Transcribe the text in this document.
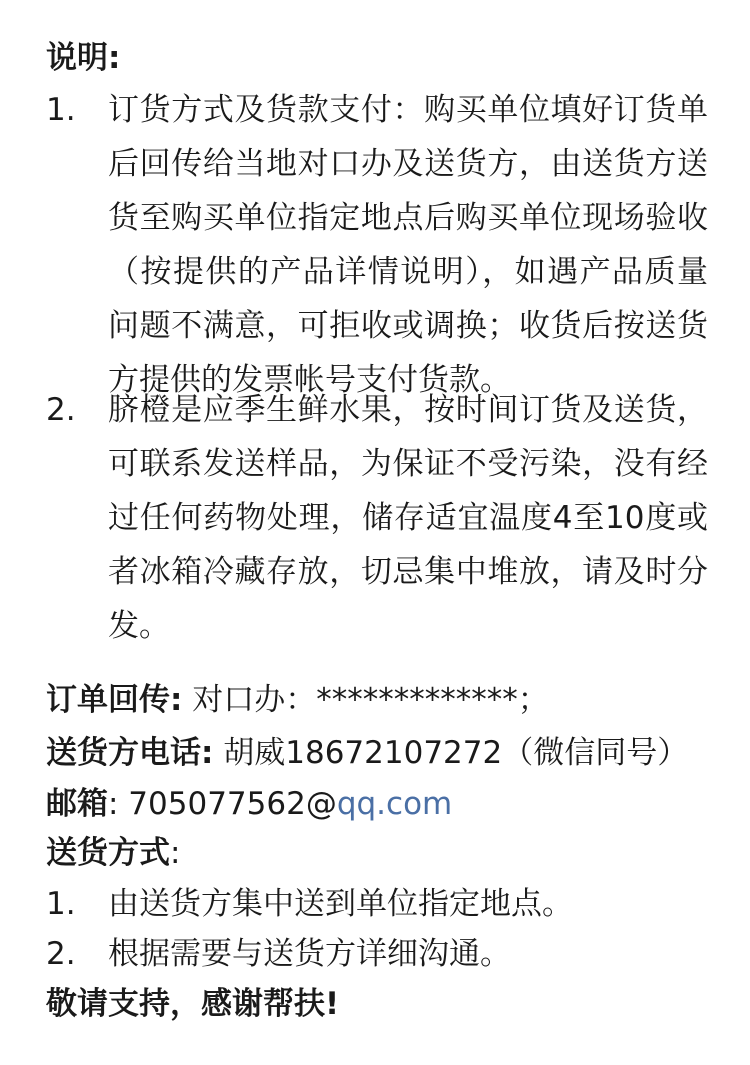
说明:
1. 订货方式及货款支付：购买单位填好订货单后回传给当地对口办及送货方，由送货方送货至购买单位指定地点后购买单位现场验收（按提供的产品详情说明），如遇产品质量问题不满意，可拒收或调换；收货后按送货方提供的发票帐号支付货款。
2. 脐橙是应季生鲜水果，按时间订货及送货，可联系发送样品，为保证不受污染，没有经过任何药物处理，储存适宜温度4至10度或者冰箱冷藏存放，切忌集中堆放，请及时分发。
订单回传: 对口办：*************；
送货方电话: 胡威18672107272（微信同号）
邮箱: 705077562@qq.com
送货方式:
1. 由送货方集中送到单位指定地点。
2. 根据需要与送货方详细沟通。
敬请支持，感谢帮扶!
